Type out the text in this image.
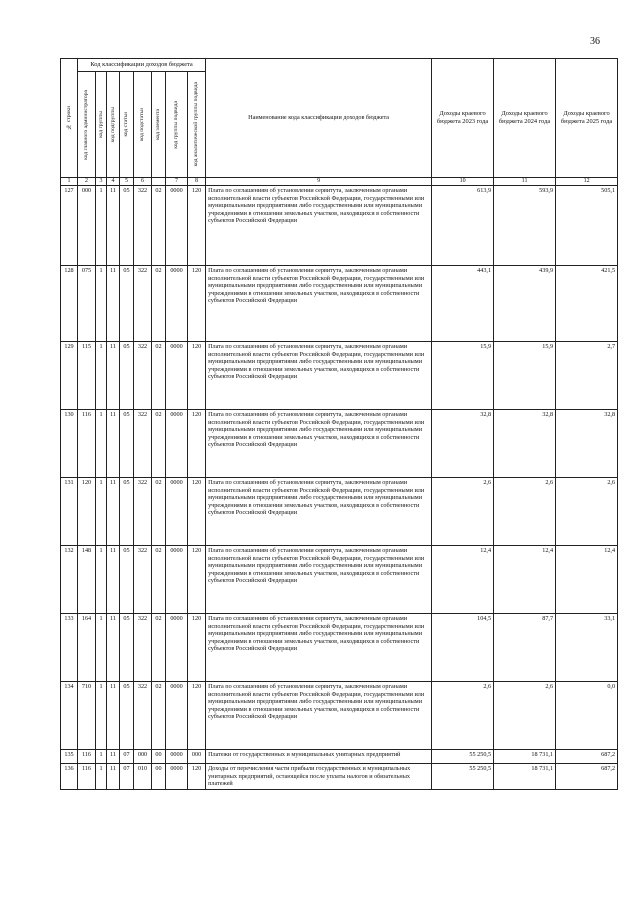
36
№ строки	Код классификации доходов бюджета								Наименование кода классификации доходов бюджета	Доходы краевого бюджета 2023 года	Доходы краевого бюджета 2024 года	Доходы краевого бюджета 2025 года

	код главного администратора	код группы	код подгруппы	код статьи	код подстатьи	код элемента	код группы подвида	код аналитической группы подвида				

1	2	3	4	5	6		7	8	9	10	11	12
127	000	1	11	05	322	02	0000	120	Плата по соглашениям об установлении сервитута, заключенным органами исполнительной власти субъектов Российской Федерации, государственными или муниципальными предприятиями либо государственными или муниципальными учреждениями в отношении земельных участков, находящихся в собственности субъектов Российской Федерации	613,9	593,9	505,1
128	075	1	11	05	322	02	0000	120	Плата по соглашениям об установлении сервитута, заключенным органами исполнительной власти субъектов Российской Федерации, государственными или муниципальными предприятиями либо государственными или муниципальными учреждениями в отношении земельных участков, находящихся в собственности субъектов Российской Федерации	443,1	439,9	421,5
129	115	1	11	05	322	02	0000	120	Плата по соглашениям об установлении сервитута, заключенным органами исполнительной власти субъектов Российской Федерации, государственными или муниципальными предприятиями либо государственными или муниципальными учреждениями в отношении земельных участков, находящихся в собственности субъектов Российской Федерации	15,9	15,9	2,7
130	116	1	11	05	322	02	0000	120	Плата по соглашениям об установлении сервитута, заключенным органами исполнительной власти субъектов Российской Федерации, государственными или муниципальными предприятиями либо государственными или муниципальными учреждениями в отношении земельных участков, находящихся в собственности субъектов Российской Федерации	32,8	32,8	32,8
131	120	1	11	05	322	02	0000	120	Плата по соглашениям об установлении сервитута, заключенным органами исполнительной власти субъектов Российской Федерации, государственными или муниципальными предприятиями либо государственными или муниципальными учреждениями в отношении земельных участков, находящихся в собственности субъектов Российской Федерации	2,6	2,6	2,6
132	148	1	11	05	322	02	0000	120	Плата по соглашениям об установлении сервитута, заключенным органами исполнительной власти субъектов Российской Федерации, государственными или муниципальными предприятиями либо государственными или муниципальными учреждениями в отношении земельных участков, находящихся в собственности субъектов Российской Федерации	12,4	12,4	12,4
133	164	1	11	05	322	02	0000	120	Плата по соглашениям об установлении сервитута, заключенным органами исполнительной власти субъектов Российской Федерации, государственными или муниципальными предприятиями либо государственными или муниципальными учреждениями в отношении земельных участков, находящихся в собственности субъектов Российской Федерации	104,5	87,7	33,1
134	710	1	11	05	322	02	0000	120	Плата по соглашениям об установлении сервитута, заключенным органами исполнительной власти субъектов Российской Федерации, государственными или муниципальными предприятиями либо государственными или муниципальными учреждениями в отношении земельных участков, находящихся в собственности субъектов Российской Федерации	2,6	2,6	0,0
135	116	1	11	07	000	00	0000	000	Платежи от государственных и муниципальных унитарных предприятий	55 250,5	18 731,1	687,2
136	116	1	11	07	010	00	0000	120	Доходы от перечисления части прибыли государственных и муниципальных унитарных предприятий, остающейся после уплаты налогов и обязательных платежей	55 250,5	18 731,1	687,2
